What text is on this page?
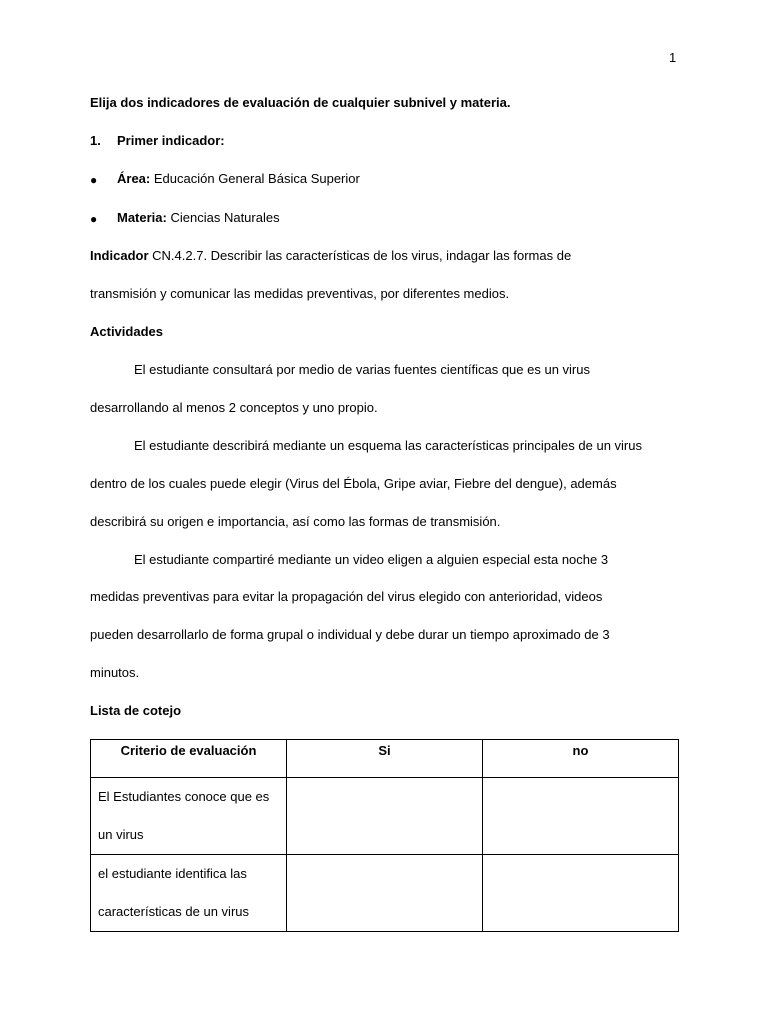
1
Elija dos indicadores de evaluación de cualquier subnivel y materia.
1. Primer indicador:
● Área: Educación General Básica Superior
● Materia: Ciencias Naturales
Indicador CN.4.2.7. Describir las características de los virus, indagar las formas de
transmisión y comunicar las medidas preventivas, por diferentes medios.
Actividades
El estudiante consultará por medio de varias fuentes científicas que es un virus
desarrollando al menos 2 conceptos y uno propio.
El estudiante describirá mediante un esquema las características principales de un virus
dentro de los cuales puede elegir (Virus del Ébola, Gripe aviar, Fiebre del dengue), además
describirá su origen e importancia, así como las formas de transmisión.
El estudiante compartiré mediante un video eligen a alguien especial esta noche 3
medidas preventivas para evitar la propagación del virus elegido con anterioridad, videos
pueden desarrollarlo de forma grupal o individual y debe durar un tiempo aproximado de 3
minutos.
Lista de cotejo
Criterio de evaluación	Si	no

El Estudiantes conoce que es
un virus		

el estudiante identifica las
características de un virus		
